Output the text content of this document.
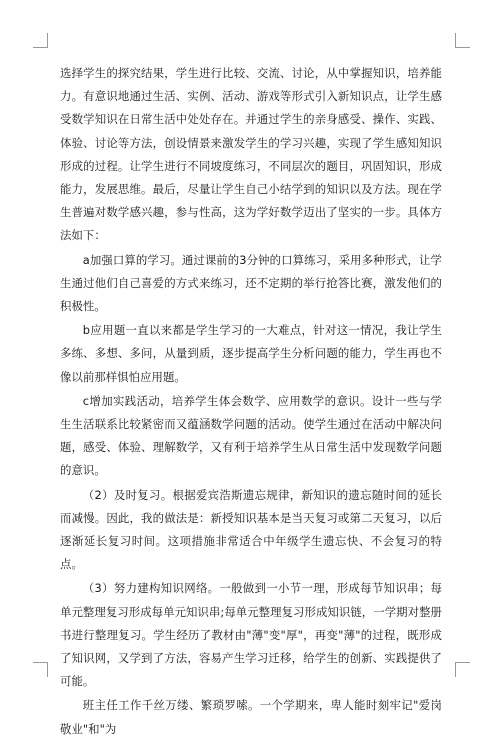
选择学生的探究结果，学生进行比较、交流、讨论，从中掌握知识，培养能力。有意识地通过生活、实例、活动、游戏等形式引入新知识点，让学生感受数学知识在日常生活中处处存在。并通过学生的亲身感受、操作、实践、体验、讨论等方法，创设情景来激发学生的学习兴趣，实现了学生感知知识形成的过程。让学生进行不同坡度练习，不同层次的题目，巩固知识，形成能力，发展思维。最后，尽量让学生自己小结学到的知识以及方法。现在学生普遍对数学感兴趣，参与性高，这为学好数学迈出了坚实的一步。具体方法如下：

a加强口算的学习。通过课前的3分钟的口算练习，采用多种形式，让学生通过他们自己喜爱的方式来练习，还不定期的举行抢答比赛，激发他们的积极性。

b应用题一直以来都是学生学习的一大难点，针对这一情况，我让学生多练、多想、多问，从量到质，逐步提高学生分析问题的能力，学生再也不像以前那样惧怕应用题。

c增加实践活动，培养学生体会数学、应用数学的意识。设计一些与学生生活联系比较紧密而又蕴涵数学问题的活动。使学生通过在活动中解决问题，感受、体验、理解数学，又有利于培养学生从日常生活中发现数学问题的意识。

（2）及时复习。根据爱宾浩斯遗忘规律，新知识的遗忘随时间的延长而减慢。因此，我的做法是：新授知识基本是当天复习或第二天复习，以后逐渐延长复习时间。这项措施非常适合中年级学生遗忘快、不会复习的特点。

（3）努力建构知识网络。一般做到一小节一理，形成每节知识串；每单元整理复习形成每单元知识串;每单元整理复习形成知识链，一学期对整册书进行整理复习。学生经历了教材由"薄"变"厚"，再变"薄"的过程，既形成了知识网，又学到了方法，容易产生学习迁移，给学生的创新、实践提供了可能。

班主任工作千丝万缕、繁琐罗嗦。一个学期来，卑人能时刻牢记"爱岗敬业"和"为
